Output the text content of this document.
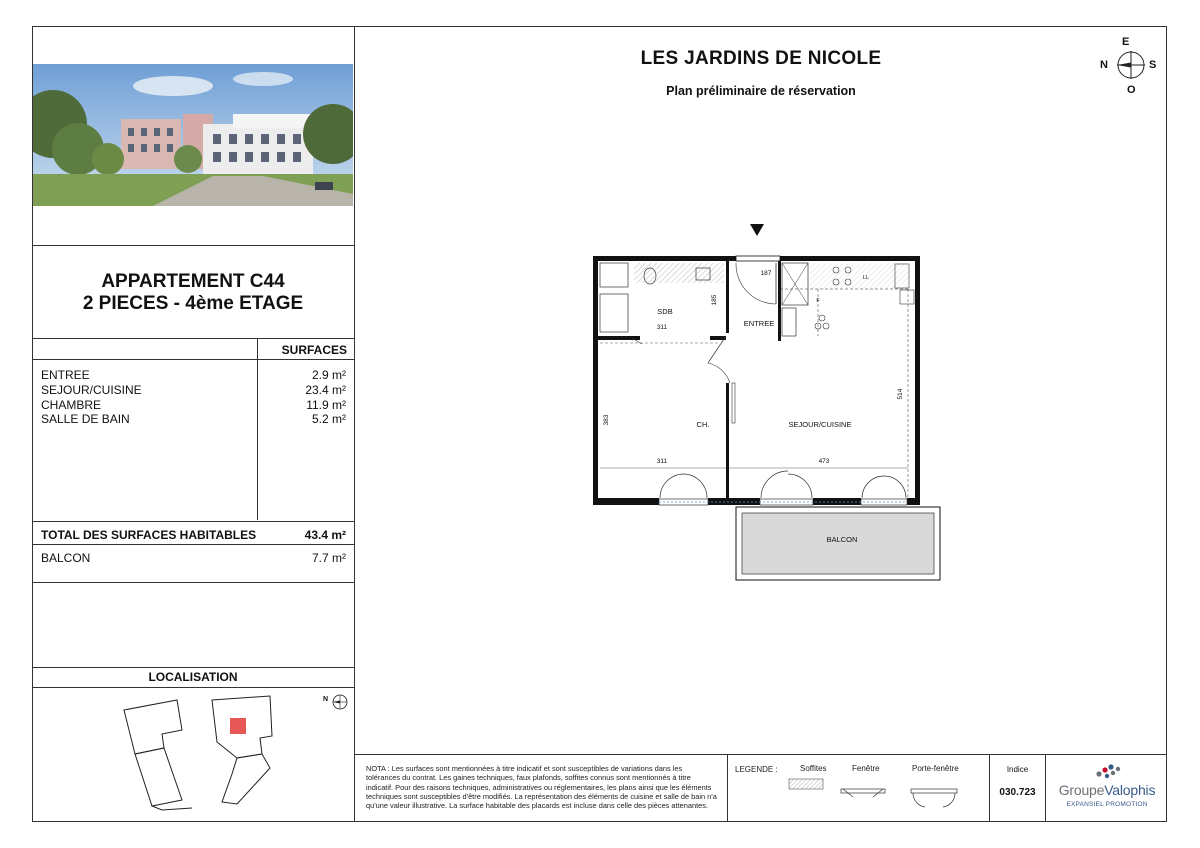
APPARTEMENT C44
2 PIECES - 4ème ETAGE
SURFACES
ENTREE	2.9 m²
SEJOUR/CUISINE	23.4 m²
CHAMBRE	11.9 m²
SALLE DE BAIN	5.2 m²
TOTAL DES SURFACES HABITABLES	43.4 m²
BALCON	7.7 m²
LOCALISATION
N
LES JARDINS DE NICOLE
Plan préliminaire de réservation
E
N	S
O
SDB
ENTREE
CH.	SEJOUR/CUISINE
BALCON
187
185
311
311
383
514
473
LL
F
NOTA : Les surfaces sont mentionnées à titre indicatif et sont susceptibles de variations dans les tolérances du contrat. Les gaines techniques, faux plafonds, soffites connus sont mentionnés à titre indicatif. Pour des raisons techniques, administratives ou réglementaires, les plans ainsi que les éléments techniques sont susceptibles d'être modifiés. La représentation des éléments de cuisine et salle de bain n'a qu'une valeur illustrative. La surface habitable des placards est incluse dans celle des pièces attenantes.
LEGENDE :	Soffites	Fenêtre	Porte-fenêtre	Indice
030.723	GroupeValophis
EXPANSIEL PROMOTION
